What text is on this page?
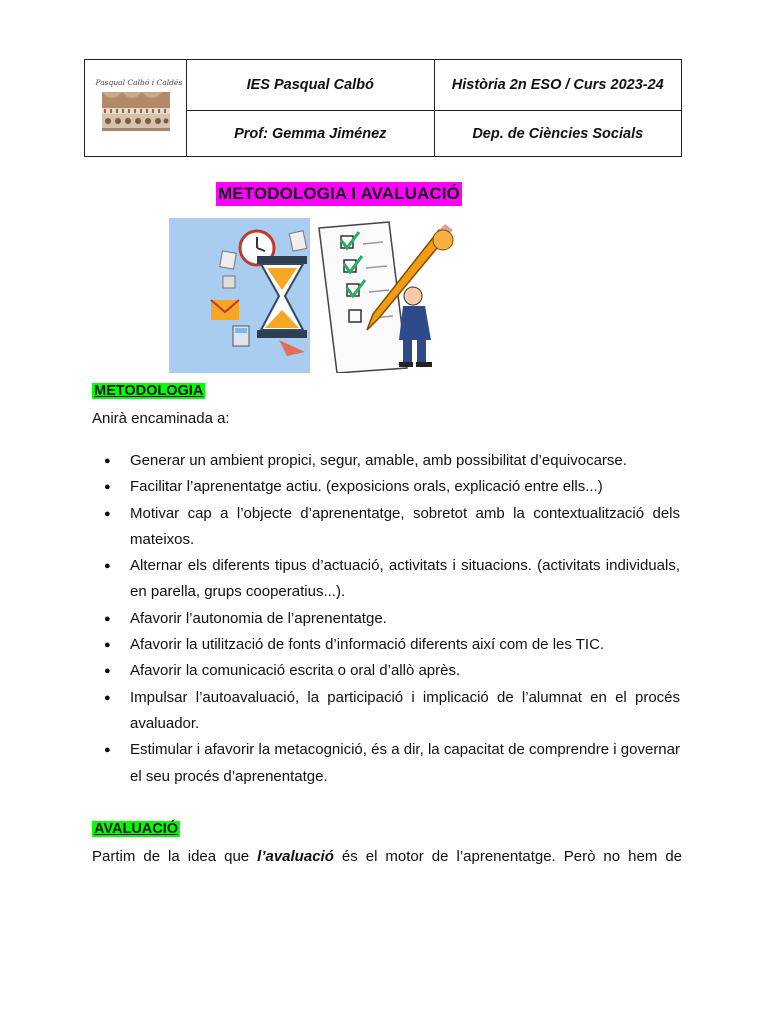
Pasqual Calbó i Caldés	IES Pasqual Calbó	Història 2n ESO / Curs 2023-24
	Prof: Gemma Jiménez	Dep. de Ciències Socials
METODOLOGIA I AVALUACIÓ
METODOLOGIA
Anirà encaminada a:
● Generar un ambient propici, segur, amable, amb possibilitat d’equivocarse.
● Facilitar l’aprenentatge actiu. (exposicions orals, explicació entre ells...)
● Motivar cap a l’objecte d’aprenentatge, sobretot amb la contextualització dels mateixos.
● Alternar els diferents tipus d’actuació, activitats i situacions. (activitats individuals, en parella, grups cooperatius...).
● Afavorir l’autonomia de l’aprenentatge.
● Afavorir la utilització de fonts d’informació diferents així com de les TIC.
● Afavorir la comunicació escrita o oral d’allò après.
● Impulsar l’autoavaluació, la participació i implicació de l’alumnat en el procés avaluador.
● Estimular i afavorir la metacognició, és a dir, la capacitat de comprendre i governar el seu procés d’aprenentatge.
AVALUACIÓ
Partim de la idea que l’avaluació és el motor de l’aprenentatge. Però no hem de
